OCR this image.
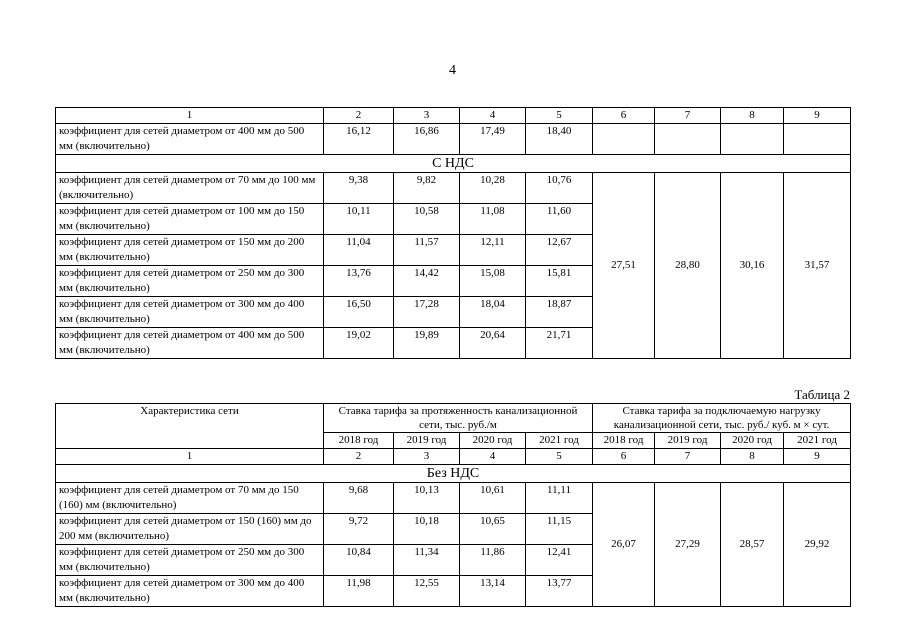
4
1	2	3	4	5	6	7	8	9
коэффициент для сетей диаметром от 400 мм до 500 мм (включительно)	16,12	16,86	17,49	18,40				
С НДС								
коэффициент для сетей диаметром от 70 мм до 100 мм (включительно)	9,38	9,82	10,28	10,76	27,51	28,80	30,16	31,57
коэффициент для сетей диаметром от 100 мм до 150 мм (включительно)	10,11	10,58	11,08	11,60				
коэффициент для сетей диаметром от 150 мм до 200 мм (включительно)	11,04	11,57	12,11	12,67				
коэффициент для сетей диаметром от 250 мм до 300 мм (включительно)	13,76	14,42	15,08	15,81				
коэффициент для сетей диаметром от 300 мм до 400 мм (включительно)	16,50	17,28	18,04	18,87				
коэффициент для сетей диаметром от 400 мм до 500 мм (включительно)	19,02	19,89	20,64	21,71				
Таблица 2
Характеристика сети	Ставка тарифа за протяженность канализационной сети, тыс. руб./м				Ставка тарифа за подключаемую нагрузку канализационной сети, тыс. руб./ куб. м × сут.			
	2018 год	2019 год	2020 год	2021 год	2018 год	2019 год	2020 год	2021 год
1	2	3	4	5	6	7	8	9
Без НДС								
коэффициент для сетей диаметром от 70 мм до 150 (160) мм (включительно)	9,68	10,13	10,61	11,11	26,07	27,29	28,57	29,92
коэффициент для сетей диаметром от 150 (160) мм до 200 мм (включительно)	9,72	10,18	10,65	11,15				
коэффициент для сетей диаметром от 250 мм до 300 мм (включительно)	10,84	11,34	11,86	12,41				
коэффициент для сетей диаметром от 300 мм до 400 мм (включительно)	11,98	12,55	13,14	13,77				
